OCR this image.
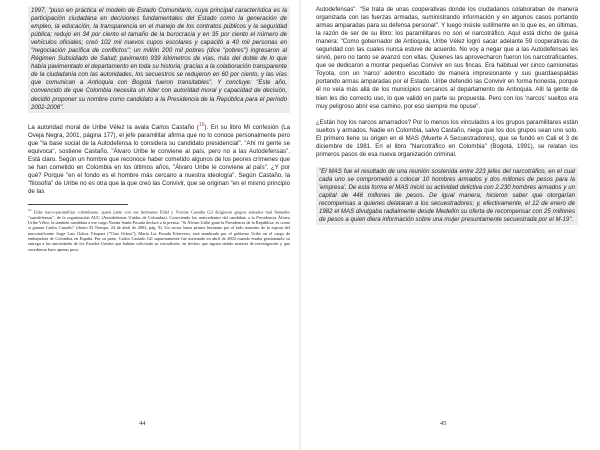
1997, "puso en práctica el modelo de Estado Comunitario, cuya principal característica es la participación ciudadana en decisiones fundamentales del Estado como la generación de empleo, la educación, la transparencia en el manejo de los contratos públicos y la seguridad pública; redujo en 34 por ciento el tamaño de la burocracia y en 35 por ciento el número de vehículos oficiales; creó 102 mil nuevos cupos escolares y capacitó a 40 mil personas en "negociación pacífica de conflictos"; un millón 200 mil pobres (dice "pobres") ingresaron al Régimen Subsidiado de Salud; pavimentó 939 kilómetros de vías, más del doble de lo que había pavimentado el departamento en toda su historia; gracias a la colaboración transparente de la ciudadanía con las autoridades, los secuestros se redujeron en 60 por ciento, y las vías que comunican a Antioquia con Bogotá fueron transitables". Y concluye: "Este año, convencido de que Colombia necesita un líder con autoridad moral y capacidad de decisión, decidió proponer su nombre como candidato a la Presidencia de la República para el período 2002-2006".

La autoridad moral de Uribe Vélez la avala Carlos Castaño ($^{16}$). En su libro Mi confesión (La Oveja Negra, 2001, página 177), el jefe paramilitar afirma que no lo conoce personalmente pero que "la base social de la Autodefensa lo considera su candidato presidencial". "Ahí mi gente se equivoca", sostiene Castaño. "Álvaro Uribe le conviene al país, pero no a las Autodefensas". Está claro. Según un hombre que reconoce haber cometido algunos de los peores crímenes que se han cometido en Colombia en los últimos años, "Álvaro Uribe le conviene al país". ¿Y por qué? Porque "en el fondo es el hombre más cercano a nuestra ideología". Según Castaño, la "filosofía" de Uribe no es otra que la que creó las Convivir, que se originan "en el mismo principio de las

$^{16}$ Líder narco-paramilitar colombiano, quien junto con sus hermanos Fidel y Vicente Castaño Gil dirigieron grupos armados mal llamados "autodefensas", de la organización AUC (Autodefensas Unidas de Colombia). Conociendo los antecedentes del candidato a la Presidencia Álvaro Uribe Vélez, la también candidata a ese cargo Noemí Sanín Posada declaró a la prensa: "Si Álvaro Uribe ganó la Presidencia de la República, es como si ganara Carlos Castaño" (diario El Tiempo, 24 de abril de 2002, pág. 9). Un sector hasta primer hermano por el lado materno de la esposa del narcotraficante Jorge Luis Ochoa Vásquez ("Clan Ochoa"), María Lia Posada Echeverri, está nombrada por el gobierno Uribe en el cargo de embajadora de Colombia en España. Por su parte, Carlos Castaño Gil supuestamente fue asesinado en abril de 2004 cuando estaba gestionando su entrega a las autoridades de los Estados Unidos que habían solicitado su extradición, en hechos que siguen siendo materia de investigación y que sucedieron hace apenas poco.

44

Autodefensas". "Se trata de unas cooperativas donde los ciudadanos colaboraban de manera organizada con las fuerzas armadas, suministrando información y en algunos casos portando armas amparadas para su defensa personal". Y luego insiste sutilmente en lo que es, en últimas, la razón de ser de su libro: los paramilitares no son el narcotráfico. Aquí está dicho de guisa manera: "Como gobernador de Antioquia, Uribe Vélez logró sacar adelante 59 cooperativas de seguridad con las cuales nunca estuve de acuerdo. No voy a negar que a las Autodefensas les sirvió, pero no tanto se avanzó con ellas. Quienes las aprovecharon fueron los narcotraficantes, que se dedicaron a montar pequeñas Convivir en sus fincas. Era habitual ver cinco camionetas Toyota, con un 'narco' adentro escoltado de manera impresionante y sus guardaespaldas portando armas amparadas por el Estado. Uribe defendió las Convivir en forma honesta, porque él no veía más allá de los municipios cercanos al departamento de Antioquia. Allí la gente de bien les dio correcto uso, lo que validó en parte su propuesta. Pero con los 'narcos' sueltos era muy peligroso abrir ese camino, por eso siempre me opuse".

¿Están hoy los narcos amarrados? Por lo menos los vinculados a los grupos paramilitares están sueltos y armados. Nadie en Colombia, salvo Castaño, niega que los dos grupos sean uno solo. El primero tiene su origen en el MAS (Muerte A Secuestradores), que se fundó en Cali el 3 de diciembre de 1981. En el libro "Narcotráfico en Colombia" (Bogotá, 1991), se relatan los primeros pasos de esa nueva organización criminal.

"El MAS fue el resultado de una reunión sostenida entre 223 jefes del narcotráfico, en el cual cada uno se comprometió a colocar 10 hombres armados y dos millones de pesos para la 'empresa'. De esta forma el MAS inició su actividad delictiva con 2.230 hombres armados y un capital de 446 millones de pesos. De igual manera, hicieron saber que otorgarían recompensas a quienes delataran a los secuestradores; y, efectivamente, el 12 de enero de 1982 el MAS divulgaba radialmente desde Medellín su oferta de recompensar con 25 millones de pesos a quien diera información sobre una mujer presuntamente secuestrada por el M-19".

45
